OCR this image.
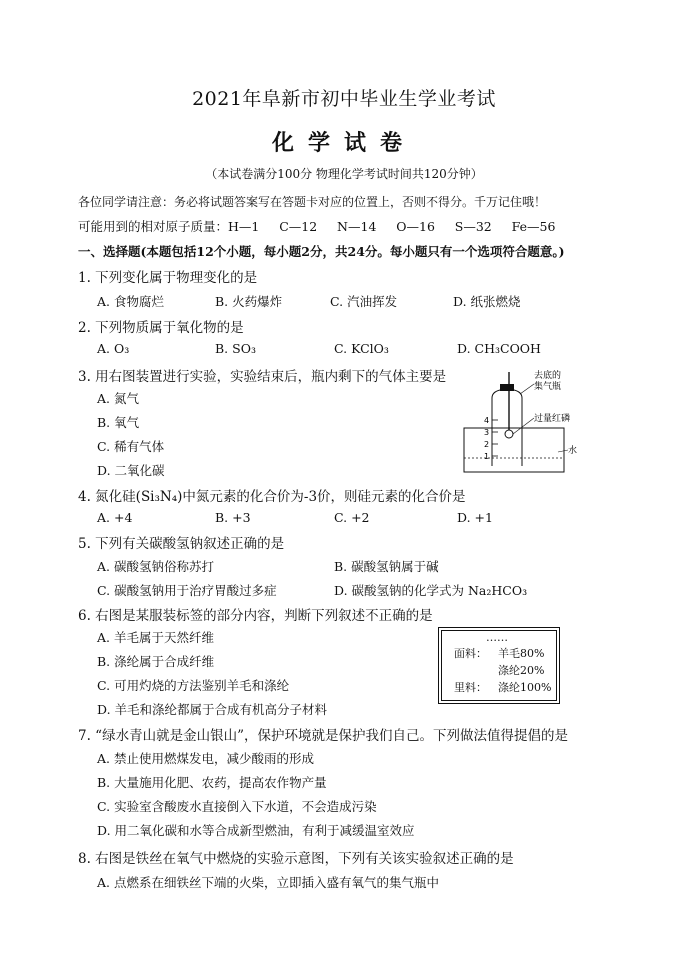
2021年阜新市初中毕业生学业考试
化学试卷
（本试卷满分100分 物理化学考试时间共120分钟）
各位同学请注意：务必将试题答案写在答题卡对应的位置上，否则不得分。千万记住哦！
可能用到的相对原子质量：H—1     C—12     N—14     O—16     S—32     Fe—56
一、选择题(本题包括12个小题，每小题2分，共24分。每小题只有一个选项符合题意。)
1. 下列变化属于物理变化的是
A. 食物腐烂	B. 火药爆炸	C. 汽油挥发	D. 纸张燃烧
2. 下列物质属于氧化物的是
A. O₃	B. SO₃	C. KClO₃	D. CH₃COOH
3. 用右图装置进行实验，实验结束后，瓶内剩下的气体主要是
A. 氮气
B. 氧气
C. 稀有气体
D. 二氧化碳
4
3
2
1
去底的
集气瓶
过量红磷
水
4. 氮化硅(Si₃N₄)中氮元素的化合价为-3价，则硅元素的化合价是
A. +4	B. +3	C. +2	D. +1
5. 下列有关碳酸氢钠叙述正确的是
A. 碳酸氢钠俗称苏打	B. 碳酸氢钠属于碱
C. 碳酸氢钠用于治疗胃酸过多症	D. 碳酸氢钠的化学式为 Na₂HCO₃
6. 右图是某服装标签的部分内容，判断下列叙述不正确的是
A. 羊毛属于天然纤维
B. 涤纶属于合成纤维
C. 可用灼烧的方法鉴别羊毛和涤纶
D. 羊毛和涤纶都属于合成有机高分子材料
……
面料： 羊毛80%
涤纶20%
里料： 涤纶100%
7. “绿水青山就是金山银山”，保护环境就是保护我们自己。下列做法值得提倡的是
A. 禁止使用燃煤发电，减少酸雨的形成
B. 大量施用化肥、农药，提高农作物产量
C. 实验室含酸废水直接倒入下水道，不会造成污染
D. 用二氧化碳和水等合成新型燃油，有利于减缓温室效应
8. 右图是铁丝在氧气中燃烧的实验示意图，下列有关该实验叙述正确的是
A. 点燃系在细铁丝下端的火柴，立即插入盛有氧气的集气瓶中
